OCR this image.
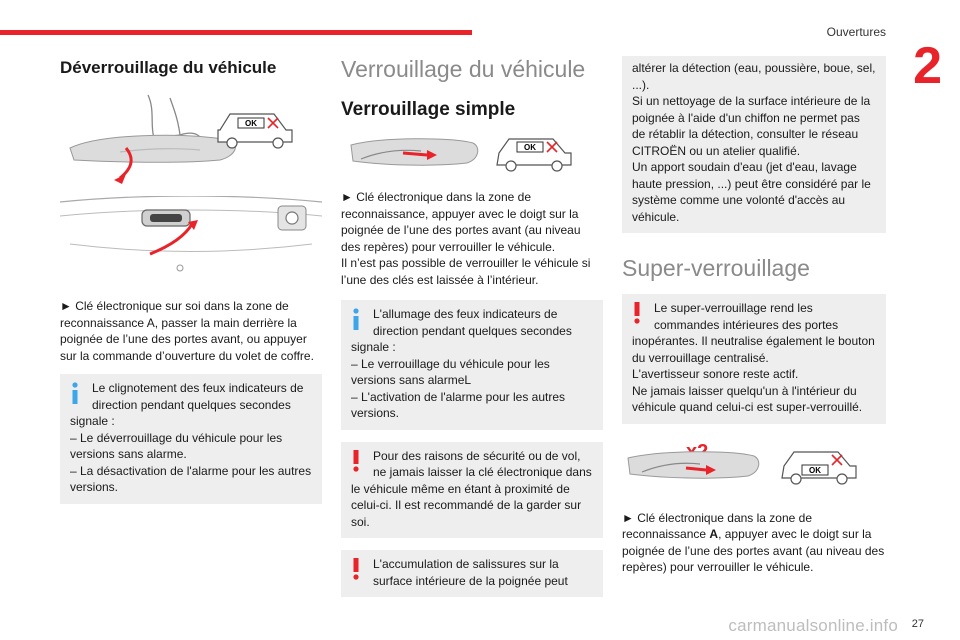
Ouvertures
2
Déverrouillage du véhicule
OK

► Clé électronique sur soi dans la zone de reconnaissance A, passer la main derrière la poignée de l’une des portes avant, ou appuyer sur la commande d’ouverture du volet de coffre.

Le clignotement des feux indicateurs de direction pendant quelques secondes
signale :
– Le déverrouillage du véhicule pour les versions sans alarme.
– La désactivation de l'alarme pour les autres versions.
Verrouillage du véhicule
Verrouillage simple
OK

► Clé électronique dans la zone de reconnaissance, appuyer avec le doigt sur la poignée de l’une des portes avant (au niveau des repères) pour verrouiller le véhicule.

Il n’est pas possible de verrouiller le véhicule si l’une des clés est laissée à l’intérieur.

L'allumage des feux indicateurs de direction pendant quelques secondes
signale :
– Le verrouillage du véhicule pour les versions sans alarmeL
– L'activation de l'alarme pour les autres versions.
Pour des raisons de sécurité ou de vol, ne jamais laisser la clé électronique dans
le véhicule même en étant à proximité de celui-ci. Il est recommandé de la garder sur soi.
L'accumulation de salissures sur la surface intérieure de la poignée peut
altérer la détection (eau, poussière, boue, sel, ...).
Si un nettoyage de la surface intérieure de la poignée à l'aide d'un chiffon ne permet pas de rétablir la détection, consulter le réseau CITROËN ou un atelier qualifié.
Un apport soudain d'eau (jet d'eau, lavage haute pression, ...) peut être considéré par le système comme une volonté d'accès au véhicule.
Super-verrouillage
Le super-verrouillage rend les commandes intérieures des portes
inopérantes. Il neutralise également le bouton du verrouillage centralisé.
L'avertisseur sonore reste actif.
Ne jamais laisser quelqu'un à l'intérieur du véhicule quand celui-ci est super-verrouillé.
OK

► Clé électronique dans la zone de reconnaissance A, appuyer avec le doigt sur la poignée de l’une des portes avant (au niveau des repères) pour verrouiller le véhicule.

carmanualsonline.info 27
